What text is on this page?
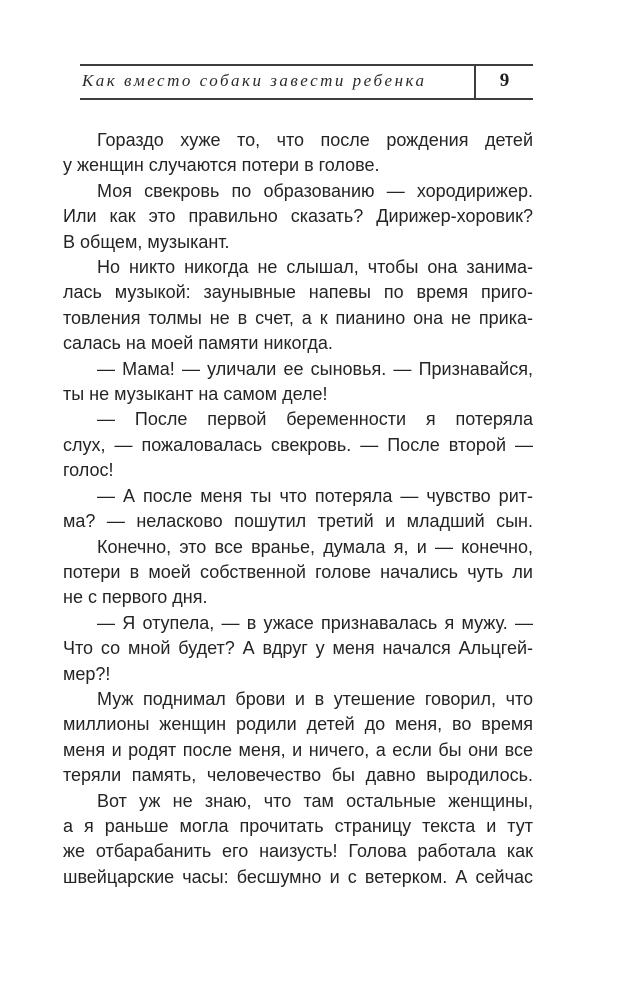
Как вместо собаки завести ребенка	9

Гораздо хуже то, что после рождения детей
у женщин случаются потери в голове.

Моя свекровь по образованию — хородирижер.
Или как это правильно сказать? Дирижер-хоровик?
В общем, музыкант.

Но никто никогда не слышал, чтобы она занима-
лась музыкой: заунывные напевы по время приго-
товления толмы не в счет, а к пианино она не прика-
салась на моей памяти никогда.

— Мама! — уличали ее сыновья. — Признавайся,
ты не музыкант на самом деле!

— После первой беременности я потеряла
слух, — пожаловалась свекровь. — После второй —
голос!

— А после меня ты что потеряла — чувство рит-
ма? — неласково пошутил третий и младший сын.

Конечно, это все вранье, думала я, и — конечно,
потери в моей собственной голове начались чуть ли
не с первого дня.

— Я отупела, — в ужасе признавалась я мужу. —
Что со мной будет? А вдруг у меня начался Альцгей-
мер?!

Муж поднимал брови и в утешение говорил, что
миллионы женщин родили детей до меня, во время
меня и родят после меня, и ничего, а если бы они все
теряли память, человечество бы давно выродилось.

Вот уж не знаю, что там остальные женщины,
а я раньше могла прочитать страницу текста и тут
же отбарабанить его наизусть! Голова работала как
швейцарские часы: бесшумно и с ветерком. А сейчас
